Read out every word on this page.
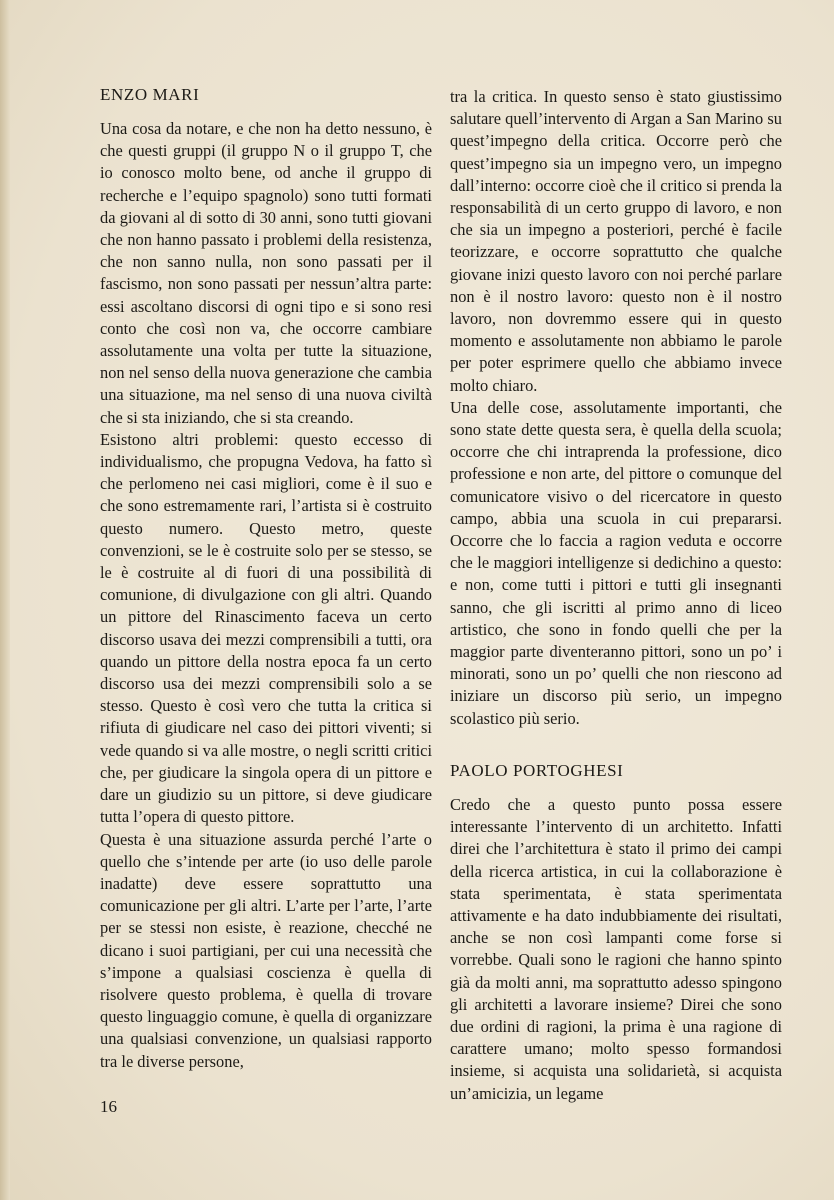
ENZO MARI

Una cosa da notare, e che non ha detto nessuno, è che questi gruppi (il gruppo N o il gruppo T, che io conosco molto bene, od anche il gruppo di recherche e l’equipo spagnolo) sono tutti formati da giovani al di sotto di 30 anni, sono tutti giovani che non hanno passato i problemi della resistenza, che non sanno nulla, non sono passati per il fascismo, non sono passati per nessun’altra parte: essi ascoltano discorsi di ogni tipo e si sono resi conto che così non va, che occorre cambiare assolutamente una volta per tutte la situazione, non nel senso della nuova generazione che cambia una situazione, ma nel senso di una nuova civiltà che si sta iniziando, che si sta creando.

Esistono altri problemi: questo eccesso di individualismo, che propugna Vedova, ha fatto sì che perlomeno nei casi migliori, come è il suo e che sono estremamente rari, l’artista si è costruito questo numero. Questo metro, queste convenzioni, se le è costruite solo per se stesso, se le è costruite al di fuori di una possibilità di comunione, di divulgazione con gli altri. Quando un pittore del Rinascimento faceva un certo discorso usava dei mezzi comprensibili a tutti, ora quando un pittore della nostra epoca fa un certo discorso usa dei mezzi comprensibili solo a se stesso. Questo è così vero che tutta la critica si rifiuta di giudicare nel caso dei pittori viventi; si vede quando si va alle mostre, o negli scritti critici che, per giudicare la singola opera di un pittore e dare un giudizio su un pittore, si deve giudicare tutta l’opera di questo pittore.

Questa è una situazione assurda perché l’arte o quello che s’intende per arte (io uso delle parole inadatte) deve essere soprattutto una comunicazione per gli altri. L’arte per l’arte, l’arte per se stessi non esiste, è reazione, checché ne dicano i suoi partigiani, per cui una necessità che s’impone a qualsiasi coscienza è quella di risolvere questo problema, è quella di trovare questo linguaggio comune, è quella di organizzare una qualsiasi convenzione, un qualsiasi rapporto tra le diverse persone,

tra la critica. In questo senso è stato giustissimo salutare quell’intervento di Argan a San Marino su quest’impegno della critica. Occorre però che quest’impegno sia un impegno vero, un impegno dall’interno: occorre cioè che il critico si prenda la responsabilità di un certo gruppo di lavoro, e non che sia un impegno a posteriori, perché è facile teorizzare, e occorre soprattutto che qualche giovane inizi questo lavoro con noi perché parlare non è il nostro lavoro: questo non è il nostro lavoro, non dovremmo essere qui in questo momento e assolutamente non abbiamo le parole per poter esprimere quello che abbiamo invece molto chiaro.

Una delle cose, assolutamente importanti, che sono state dette questa sera, è quella della scuola; occorre che chi intraprenda la professione, dico professione e non arte, del pittore o comunque del comunicatore visivo o del ricercatore in questo campo, abbia una scuola in cui prepararsi. Occorre che lo faccia a ragion veduta e occorre che le maggiori intelligenze si dedichino a questo: e non, come tutti i pittori e tutti gli insegnanti sanno, che gli iscritti al primo anno di liceo artistico, che sono in fondo quelli che per la maggior parte diventeranno pittori, sono un po’ i minorati, sono un po’ quelli che non riescono ad iniziare un discorso più serio, un impegno scolastico più serio.

PAOLO PORTOGHESI

Credo che a questo punto possa essere interessante l’intervento di un architetto. Infatti direi che l’architettura è stato il primo dei campi della ricerca artistica, in cui la collaborazione è stata sperimentata, è stata sperimentata attivamente e ha dato indubbiamente dei risultati, anche se non così lampanti come forse si vorrebbe. Quali sono le ragioni che hanno spinto già da molti anni, ma soprattutto adesso spingono gli architetti a lavorare insieme? Direi che sono due ordini di ragioni, la prima è una ragione di carattere umano; molto spesso formandosi insieme, si acquista una solidarietà, si acquista un’amicizia, un legame

16
